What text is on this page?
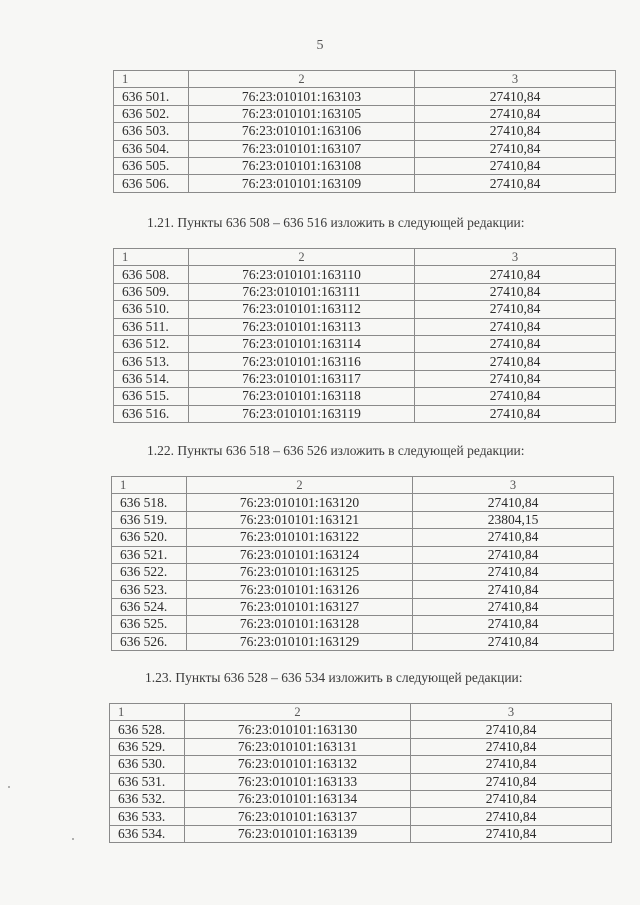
5
1	2	3
636 501.	76:23:010101:163103	27410,84
636 502.	76:23:010101:163105	27410,84
636 503.	76:23:010101:163106	27410,84
636 504.	76:23:010101:163107	27410,84
636 505.	76:23:010101:163108	27410,84
636 506.	76:23:010101:163109	27410,84
1.21. Пункты 636 508 – 636 516 изложить в следующей редакции:
1	2	3
636 508.	76:23:010101:163110	27410,84
636 509.	76:23:010101:163111	27410,84
636 510.	76:23:010101:163112	27410,84
636 511.	76:23:010101:163113	27410,84
636 512.	76:23:010101:163114	27410,84
636 513.	76:23:010101:163116	27410,84
636 514.	76:23:010101:163117	27410,84
636 515.	76:23:010101:163118	27410,84
636 516.	76:23:010101:163119	27410,84
1.22. Пункты 636 518 – 636 526 изложить в следующей редакции:
1	2	3
636 518.	76:23:010101:163120	27410,84
636 519.	76:23:010101:163121	23804,15
636 520.	76:23:010101:163122	27410,84
636 521.	76:23:010101:163124	27410,84
636 522.	76:23:010101:163125	27410,84
636 523.	76:23:010101:163126	27410,84
636 524.	76:23:010101:163127	27410,84
636 525.	76:23:010101:163128	27410,84
636 526.	76:23:010101:163129	27410,84
1.23. Пункты 636 528 – 636 534 изложить в следующей редакции:
1	2	3
636 528.	76:23:010101:163130	27410,84
636 529.	76:23:010101:163131	27410,84
636 530.	76:23:010101:163132	27410,84
636 531.	76:23:010101:163133	27410,84
636 532.	76:23:010101:163134	27410,84
636 533.	76:23:010101:163137	27410,84
636 534.	76:23:010101:163139	27410,84
